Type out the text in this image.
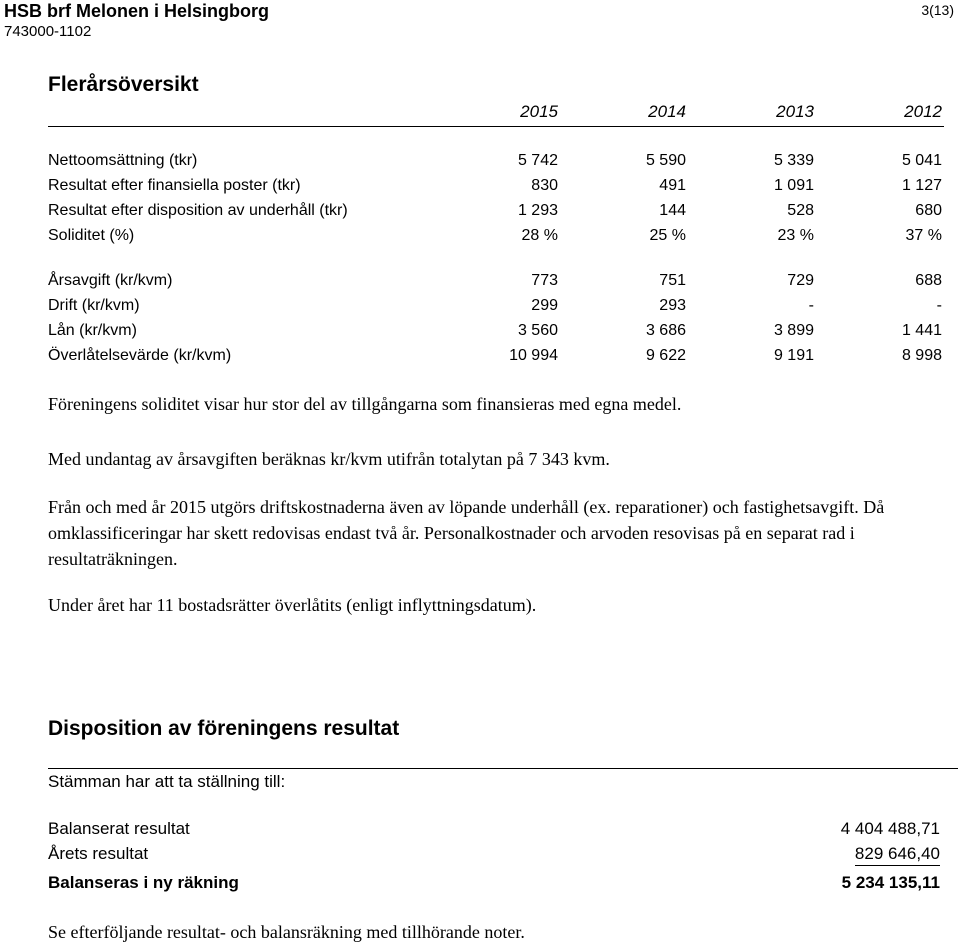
HSB brf Melonen i Helsingborg
743000-1102
3(13)
Flerårsöversikt
2015	2014	2013	2012
Nettoomsättning (tkr)	5 742	5 590	5 339	5 041
Resultat efter finansiella poster (tkr)	830	491	1 091	1 127
Resultat efter disposition av underhåll (tkr)	1 293	144	528	680
Soliditet (%)	28 %	25 %	23 %	37 %
Årsavgift (kr/kvm)	773	751	729	688
Drift (kr/kvm)	299	293	-	-
Lån (kr/kvm)	3 560	3 686	3 899	1 441
Överlåtelsevärde (kr/kvm)	10 994	9 622	9 191	8 998
Föreningens soliditet visar hur stor del av tillgångarna som finansieras med egna medel.
Med undantag av årsavgiften beräknas kr/kvm utifrån totalytan på 7 343 kvm.
Från och med år 2015 utgörs driftskostnaderna även av löpande underhåll (ex. reparationer) och fastighetsavgift. Då omklassificeringar har skett redovisas endast två år. Personalkostnader och arvoden resovisas på en separat rad i resultaträkningen.
Under året har 11 bostadsrätter överlåtits (enligt inflyttningsdatum).
Disposition av föreningens resultat
Stämman har att ta ställning till:
Balanserat resultat	4 404 488,71
Årets resultat	829 646,40
Balanseras i ny räkning	5 234 135,11
Se efterföljande resultat- och balansräkning med tillhörande noter.
